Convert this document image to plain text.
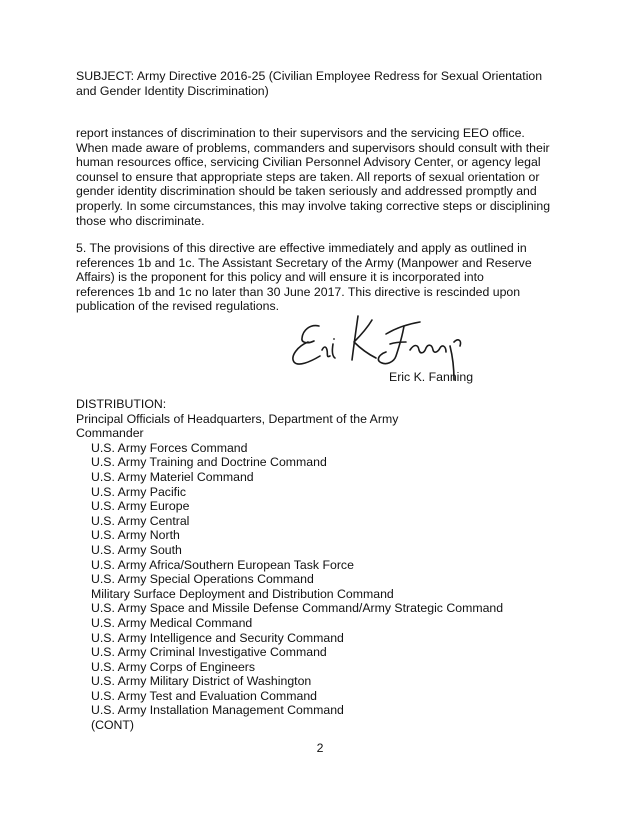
SUBJECT: Army Directive 2016-25 (Civilian Employee Redress for Sexual Orientation
and Gender Identity Discrimination)
report instances of discrimination to their supervisors and the servicing EEO office.
When made aware of problems, commanders and supervisors should consult with their
human resources office, servicing Civilian Personnel Advisory Center, or agency legal
counsel to ensure that appropriate steps are taken. All reports of sexual orientation or
gender identity discrimination should be taken seriously and addressed promptly and
properly. In some circumstances, this may involve taking corrective steps or disciplining
those who discriminate.
5. The provisions of this directive are effective immediately and apply as outlined in
references 1b and 1c. The Assistant Secretary of the Army (Manpower and Reserve
Affairs) is the proponent for this policy and will ensure it is incorporated into
references 1b and 1c no later than 30 June 2017. This directive is rescinded upon
publication of the revised regulations.
Eric K. Fanning
DISTRIBUTION:
Principal Officials of Headquarters, Department of the Army
Commander
U.S. Army Forces Command
U.S. Army Training and Doctrine Command
U.S. Army Materiel Command
U.S. Army Pacific
U.S. Army Europe
U.S. Army Central
U.S. Army North
U.S. Army South
U.S. Army Africa/Southern European Task Force
U.S. Army Special Operations Command
Military Surface Deployment and Distribution Command
U.S. Army Space and Missile Defense Command/Army Strategic Command
U.S. Army Medical Command
U.S. Army Intelligence and Security Command
U.S. Army Criminal Investigative Command
U.S. Army Corps of Engineers
U.S. Army Military District of Washington
U.S. Army Test and Evaluation Command
U.S. Army Installation Management Command
(CONT)
2
